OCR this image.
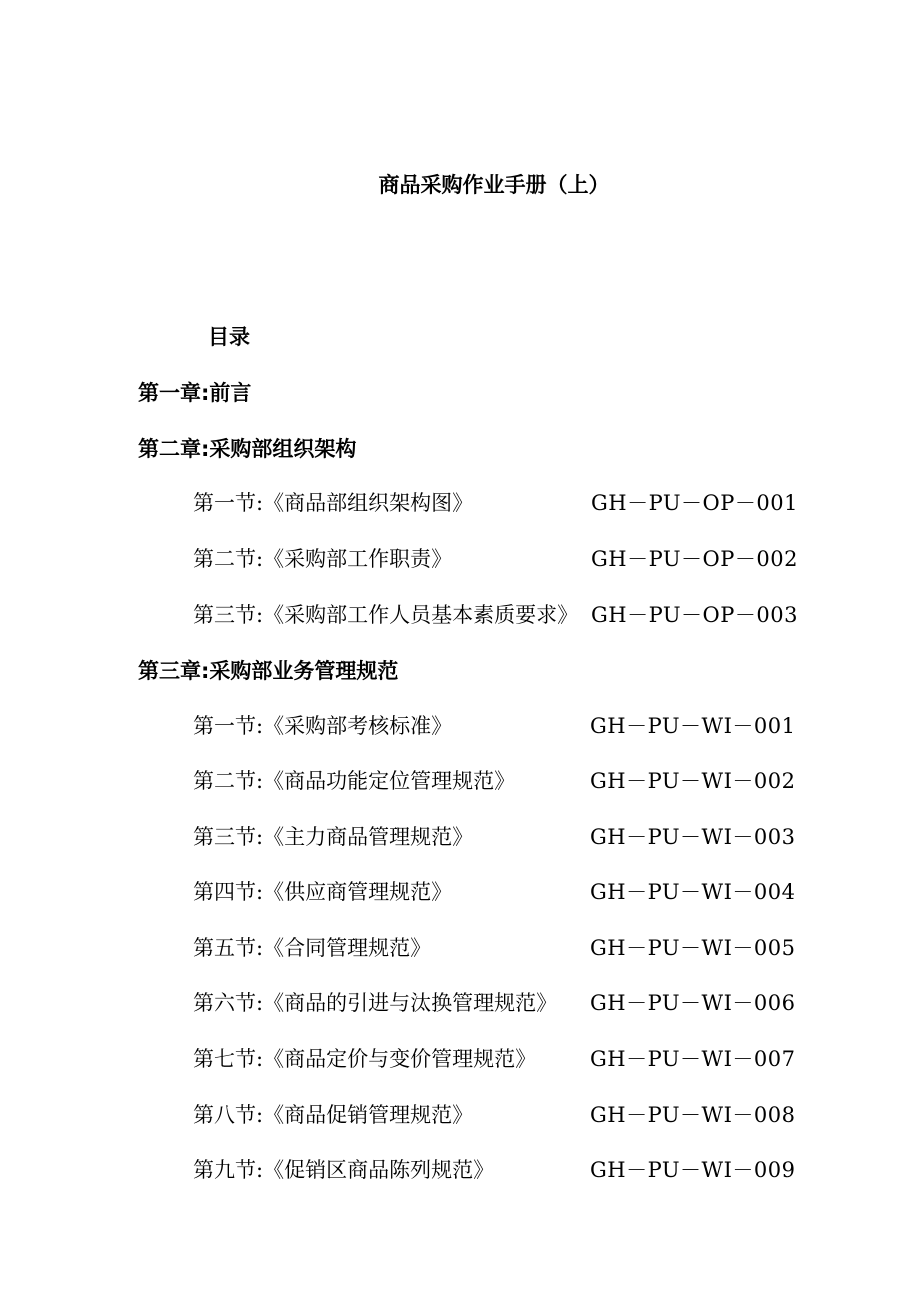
商品采购作业手册（上）
目录
第一章:前言
第二章:采购部组织架构
第一节:《商品部组织架构图》	GH－PU－OP－001
第二节:《采购部工作职责》	GH－PU－OP－002
第三节:《采购部工作人员基本素质要求》 GH－PU－OP－003
第三章:采购部业务管理规范
第一节:《采购部考核标准》	GH－PU－WI－001
第二节:《商品功能定位管理规范》	GH－PU－WI－002
第三节:《主力商品管理规范》	GH－PU－WI－003
第四节:《供应商管理规范》	GH－PU－WI－004
第五节:《合同管理规范》	GH－PU－WI－005
第六节:《商品的引进与汰换管理规范》 GH－PU－WI－006
第七节:《商品定价与变价管理规范》	GH－PU－WI－007
第八节:《商品促销管理规范》	GH－PU－WI－008
第九节:《促销区商品陈列规范》	GH－PU－WI－009
